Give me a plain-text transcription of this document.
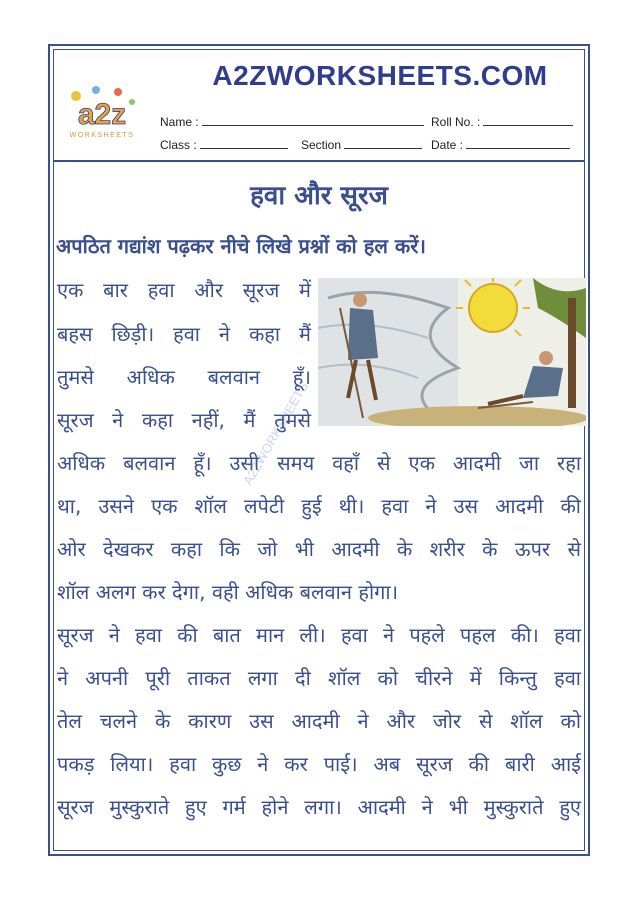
A2ZWORKSHEETS.COM
a2z
WORKSHEETS
Name :	Roll No. :
Class :	Section	Date :
हवा और सूरज

अपठित गद्यांश पढ़कर नीचे लिखे प्रश्नों को हल करें।

A2ZWORKSHEETS
एक बार हवा और सूरज में
बहस छिड़ी। हवा ने कहा मैं
तुमसे अधिक बलवान हूँ।
सूरज ने कहा नहीं, मैं तुमसे
अधिक बलवान हूँ। उसी समय वहाँ से एक आदमी जा रहा
था, उसने एक शॉल लपेटी हुई थी। हवा ने उस आदमी की
ओर देखकर कहा कि जो भी आदमी के शरीर के ऊपर से
शॉल अलग कर देगा, वही अधिक बलवान होगा।
सूरज ने हवा की बात मान ली। हवा ने पहले पहल की। हवा
ने अपनी पूरी ताकत लगा दी शॉल को चीरने में किन्तु हवा
तेल चलने के कारण उस आदमी ने और जोर से शॉल को
पकड़ लिया। हवा कुछ ने कर पाई। अब सूरज की बारी आई
सूरज मुस्कुराते हुए गर्म होने लगा। आदमी ने भी मुस्कुराते हुए
